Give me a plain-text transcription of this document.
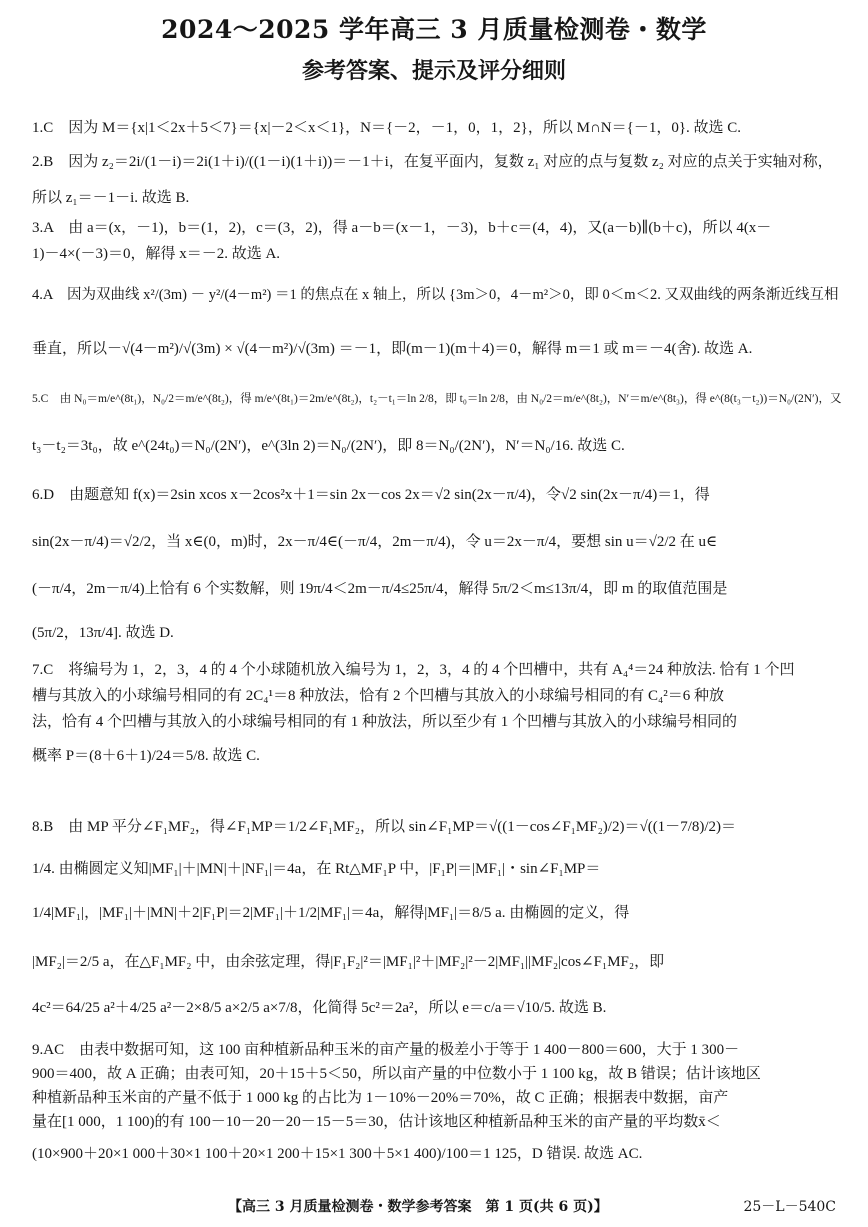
2024～2025 学年高三 3 月质量检测卷・数学
参考答案、提示及评分细则
1.C　因为 M＝{x|1＜2x＋5＜7}＝{x|－2＜x＜1}，N＝{－2，－1，0，1，2}，所以 M∩N＝{－1，0}. 故选 C.
2.B　因为 z₂＝2i/(1－i)＝2i(1＋i)/((1－i)(1＋i))＝－1＋i，在复平面内，复数 z₁ 对应的点与复数 z₂ 对应的点关于实轴对称，
所以 z₁＝－1－i. 故选 B.
3.A　由 a＝(x，－1)，b＝(1，2)，c＝(3，2)，得 a－b＝(x－1，－3)，b＋c＝(4，4)，又(a－b)∥(b＋c)，所以 4(x－
1)－4×(－3)＝0，解得 x＝－2. 故选 A.
4.A　因为双曲线 x²/(3m) － y²/(4－m²) ＝1 的焦点在 x 轴上，所以 {3m＞0，4－m²＞0，即 0＜m＜2. 又双曲线的两条渐近线互相
垂直，所以－√(4－m²)/√(3m) × √(4－m²)/√(3m) ＝－1，即(m－1)(m＋4)＝0，解得 m＝1 或 m＝－4(舍). 故选 A.
5.C　由 N₀＝m/e^(8t₁)，N₀/2＝m/e^(8t₂)，得 m/e^(8t₁)＝2m/e^(8t₂)，t₂－t₁＝ln 2/8，即 t₀＝ln 2/8，由 N₀/2＝m/e^(8t₂)，N′＝m/e^(8t₃)，得 e^(8(t₃－t₂))＝N₀/(2N′)，又
t₃－t₂＝3t₀，故 e^(24t₀)＝N₀/(2N′)，e^(3ln 2)＝N₀/(2N′)，即 8＝N₀/(2N′)，N′＝N₀/16. 故选 C.
6.D　由题意知 f(x)＝2sin xcos x－2cos²x＋1＝sin 2x－cos 2x＝√2 sin(2x－π/4)，令√2 sin(2x－π/4)＝1，得
sin(2x－π/4)＝√2/2，当 x∈(0，m)时，2x－π/4∈(－π/4，2m－π/4)，令 u＝2x－π/4，要想 sin u＝√2/2 在 u∈
(－π/4，2m－π/4)上恰有 6 个实数解，则 19π/4＜2m－π/4≤25π/4，解得 5π/2＜m≤13π/4，即 m 的取值范围是
(5π/2，13π/4]. 故选 D.
7.C　将编号为 1，2，3，4 的 4 个小球随机放入编号为 1，2，3，4 的 4 个凹槽中，共有 A₄⁴＝24 种放法. 恰有 1 个凹
槽与其放入的小球编号相同的有 2C₄¹＝8 种放法，恰有 2 个凹槽与其放入的小球编号相同的有 C₄²＝6 种放
法，恰有 4 个凹槽与其放入的小球编号相同的有 1 种放法，所以至少有 1 个凹槽与其放入的小球编号相同的
概率 P＝(8＋6＋1)/24＝5/8. 故选 C.
8.B　由 MP 平分∠F₁MF₂，得∠F₁MP＝1/2∠F₁MF₂，所以 sin∠F₁MP＝√((1－cos∠F₁MF₂)/2)＝√((1－7/8)/2)＝
1/4. 由椭圆定义知|MF₁|＋|MN|＋|NF₁|＝4a，在 Rt△MF₁P 中，|F₁P|＝|MF₁|・sin∠F₁MP＝
1/4|MF₁|，|MF₁|＋|MN|＋2|F₁P|＝2|MF₁|＋1/2|MF₁|＝4a，解得|MF₁|＝8/5 a. 由椭圆的定义，得
|MF₂|＝2/5 a，在△F₁MF₂ 中，由余弦定理，得|F₁F₂|²＝|MF₁|²＋|MF₂|²－2|MF₁||MF₂|cos∠F₁MF₂，即
4c²＝64/25 a²＋4/25 a²－2×8/5 a×2/5 a×7/8，化简得 5c²＝2a²，所以 e＝c/a＝√10/5. 故选 B.
9.AC　由表中数据可知，这 100 亩种植新品种玉米的亩产量的极差小于等于 1 400－800＝600，大于 1 300－
900＝400，故 A 正确；由表可知，20＋15＋5＜50，所以亩产量的中位数小于 1 100 kg，故 B 错误；估计该地区
种植新品种玉米亩的产量不低于 1 000 kg 的占比为 1－10%－20%＝70%，故 C 正确；根据表中数据，亩产
量在[1 000，1 100)的有 100－10－20－20－15－5＝30，估计该地区种植新品种玉米的亩产量的平均数x̄＜
(10×900＋20×1 000＋30×1 100＋20×1 200＋15×1 300＋5×1 400)/100＝1 125，D 错误. 故选 AC.
【高三 3 月质量检测卷・数学参考答案　第 1 页(共 6 页)】	25－L－540C
